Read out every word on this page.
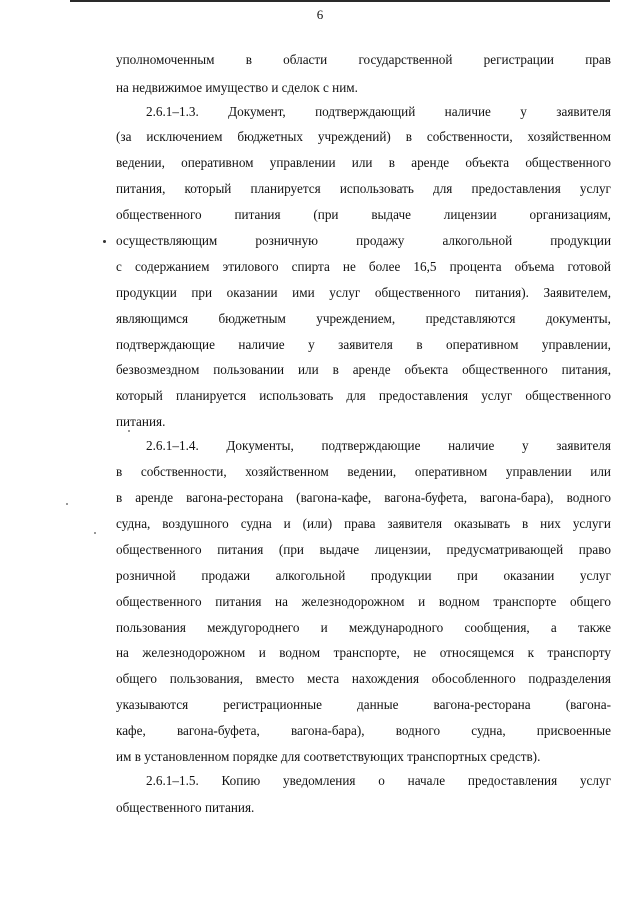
6
уполномоченным в области государственной регистрации прав
на недвижимое имущество и сделок с ним.
2.6.1–1.3. Документ, подтверждающий наличие у заявителя
(за исключением бюджетных учреждений) в собственности, хозяйственном
ведении, оперативном управлении или в аренде объекта общественного
питания, который планируется использовать для предоставления услуг
общественного питания (при выдаче лицензии организациям,
осуществляющим	розничную	продажу	алкогольной	продукции
с содержанием этилового спирта не более 16,5 процента объема готовой
продукции при оказании ими услуг общественного питания). Заявителем,
являющимся бюджетным учреждением, представляются документы,
подтверждающие наличие у заявителя в оперативном управлении,
безвозмездном пользовании или в аренде объекта общественного питания,
который планируется использовать для предоставления услуг общественного
питания.
2.6.1–1.4. Документы, подтверждающие наличие у заявителя
в собственности, хозяйственном ведении, оперативном управлении или
в аренде вагона-ресторана (вагона-кафе, вагона-буфета, вагона-бара), водного
судна, воздушного судна и (или) права заявителя оказывать в них услуги
общественного питания (при выдаче лицензии, предусматривающей право
розничной продажи алкогольной продукции при оказании услуг
общественного питания на железнодорожном и водном транспорте общего
пользования междугороднего и международного сообщения, а также
на железнодорожном и водном транспорте, не относящемся к транспорту
общего пользования, вместо места нахождения обособленного подразделения
указываются	регистрационные	данные	вагона-ресторана	(вагона-
кафе, вагона-буфета, вагона-бара), водного судна, присвоенные
им в установленном порядке для соответствующих транспортных средств).
2.6.1–1.5. Копию уведомления о начале предоставления услуг
общественного питания.
